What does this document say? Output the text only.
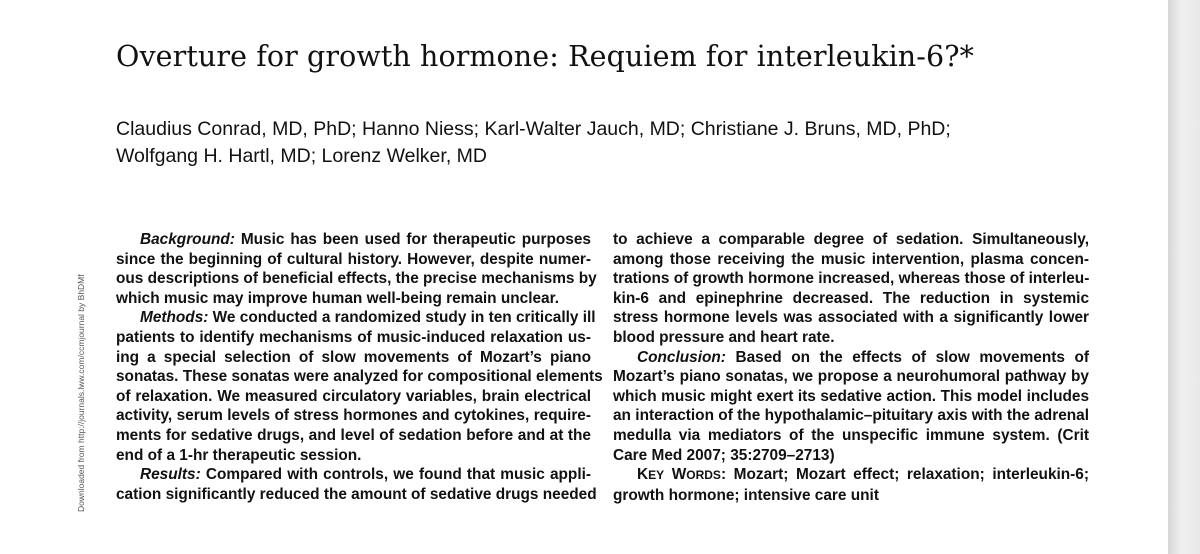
Overture for growth hormone: Requiem for interleukin-6?*
Claudius Conrad, MD, PhD; Hanno Niess; Karl-Walter Jauch, MD; Christiane J. Bruns, MD, PhD;
Wolfgang H. Hartl, MD; Lorenz Welker, MD
Downloaded from http://journals.lww.com/ccmjournal by BhDMf
Background: Music has been used for therapeutic purposes
since the beginning of cultural history. However, despite numer-
ous descriptions of beneficial effects, the precise mechanisms by
which music may improve human well-being remain unclear.
Methods: We conducted a randomized study in ten critically ill
patients to identify mechanisms of music-induced relaxation us-
ing a special selection of slow movements of Mozart’s piano
sonatas. These sonatas were analyzed for compositional elements
of relaxation. We measured circulatory variables, brain electrical
activity, serum levels of stress hormones and cytokines, require-
ments for sedative drugs, and level of sedation before and at the
end of a 1-hr therapeutic session.
Results: Compared with controls, we found that music appli-
cation significantly reduced the amount of sedative drugs needed
to achieve a comparable degree of sedation. Simultaneously,
among those receiving the music intervention, plasma concen-
trations of growth hormone increased, whereas those of interleu-
kin-6 and epinephrine decreased. The reduction in systemic
stress hormone levels was associated with a significantly lower
blood pressure and heart rate.
Conclusion: Based on the effects of slow movements of
Mozart’s piano sonatas, we propose a neurohumoral pathway by
which music might exert its sedative action. This model includes
an interaction of the hypothalamic–pituitary axis with the adrenal
medulla via mediators of the unspecific immune system. (Crit
Care Med 2007; 35:2709–2713)
KEY WORDS: Mozart; Mozart effect; relaxation; interleukin-6;
growth hormone; intensive care unit
